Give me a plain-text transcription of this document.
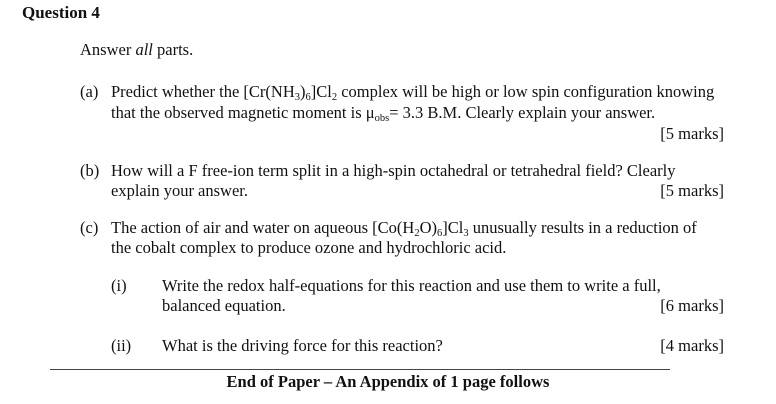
Question 4
Answer all parts.
(a) Predict whether the $[Cr(NH_3)_6]Cl_2$ complex will be high or low spin configuration knowing
that the observed magnetic moment is $\mu_{obs}= 3.3$ B.M. Clearly explain your answer.
[5 marks]
(b) How will a F free-ion term split in a high-spin octahedral or tetrahedral field? Clearly
explain your answer.	[5 marks]
(c) The action of air and water on aqueous $[Co(H_2O)_6]Cl_3$ unusually results in a reduction of
the cobalt complex to produce ozone and hydrochloric acid.
(i) Write the redox half-equations for this reaction and use them to write a full,
balanced equation.	[6 marks]
(ii) What is the driving force for this reaction?	[4 marks]
End of Paper – An Appendix of 1 page follows
